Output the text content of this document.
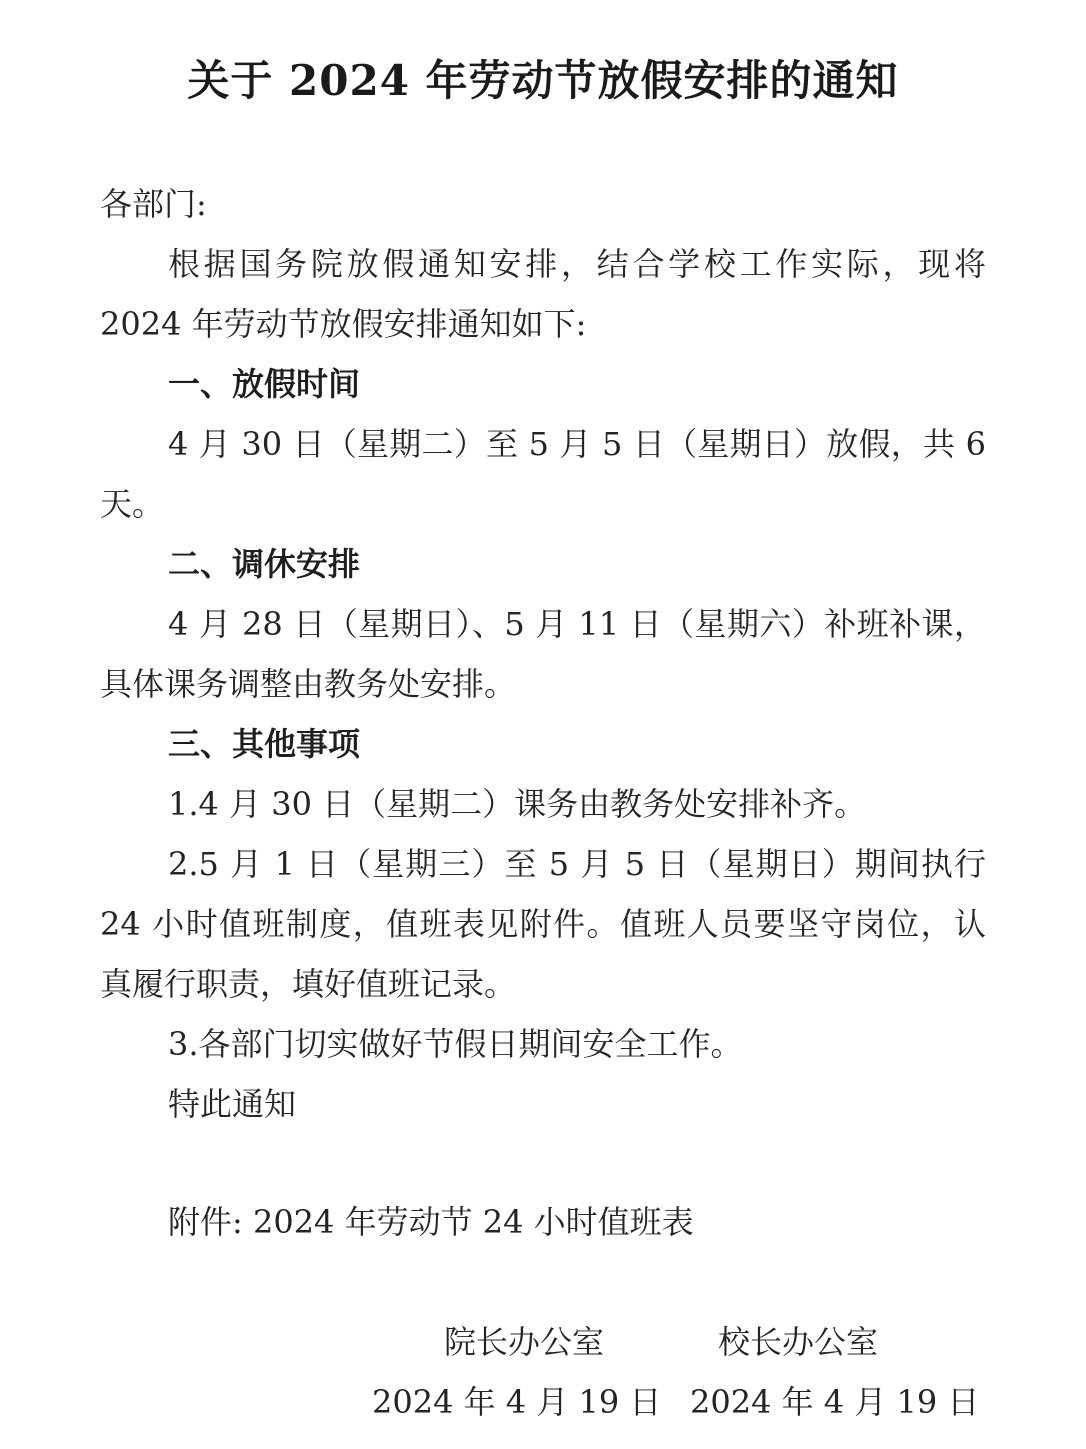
关于 2024 年劳动节放假安排的通知
各部门:
根据国务院放假通知安排，结合学校工作实际，现将
2024 年劳动节放假安排通知如下:
一、放假时间
4 月 30 日（星期二）至 5 月 5 日（星期日）放假，共 6
天。
二、调休安排
4 月 28 日（星期日）、5 月 11 日（星期六）补班补课，
具体课务调整由教务处安排。
三、其他事项
1.4 月 30 日（星期二）课务由教务处安排补齐。
2.5 月 1 日（星期三）至 5 月 5 日（星期日）期间执行
24 小时值班制度，值班表见附件。值班人员要坚守岗位，认
真履行职责，填好值班记录。
3.各部门切实做好节假日期间安全工作。
特此通知
附件: 2024 年劳动节 24 小时值班表
院长办公室	校长办公室
2024 年 4 月 19 日 2024 年 4 月 19 日
